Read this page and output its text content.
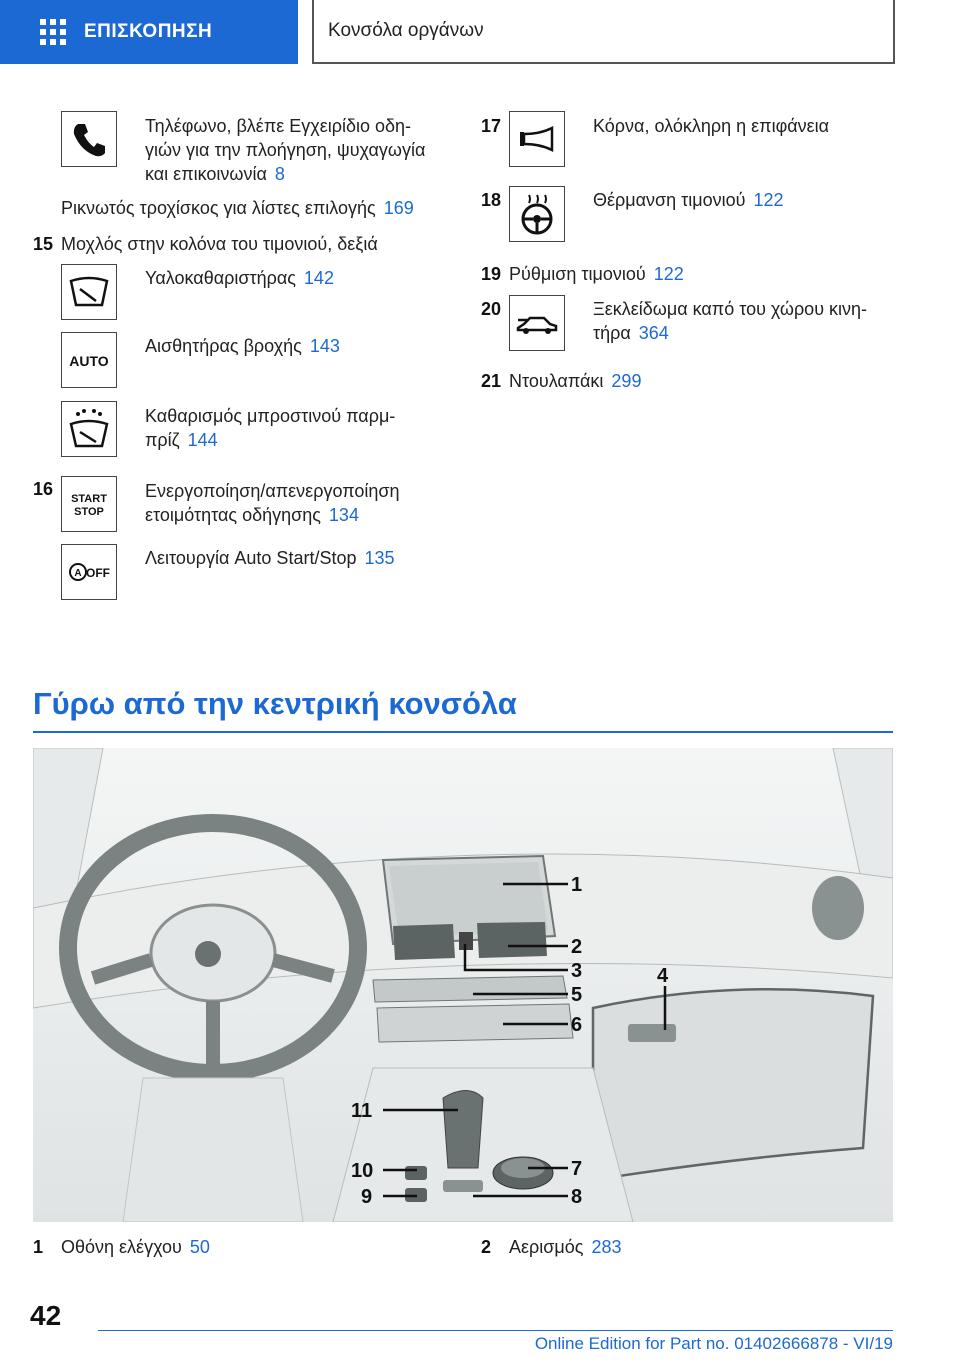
ΕΠΙΣΚΟΠΗΣΗ	Κονσόλα οργάνων
Τηλέφωνο, βλέπε Εγχειρίδιο οδη-
γιών για την πλοήγηση, ψυχαγωγία
και επικοινωνία 8
Ρικνωτός τροχίσκος για λίστες επιλογής 169
15 Μοχλός στην κολόνα του τιμονιού, δεξιά
Υαλοκαθαριστήρας 142
AUTO
Αισθητήρας βροχής 143
Καθαρισμός μπροστινού παρμ-
πρίζ 144
16 START
STOP
Ενεργοποίηση/απενεργοποίηση
ετοιμότητας οδήγησης 134
A OFF
Λειτουργία Auto Start/Stop 135
17	Κόρνα, ολόκληρη η επιφάνεια
18	Θέρμανση τιμονιού 122
19 Ρύθμιση τιμονιού 122
20	Ξεκλείδωμα καπό του χώρου κινη-
τήρα 364
21 Ντουλαπάκι 299
Γύρω από την κεντρική κονσόλα
1
2
3	4
5
6
7
8
9
10
11
1 Οθόνη ελέγχου 50	2 Αερισμός 283
42
Online Edition for Part no. 01402666878 - VI/19
